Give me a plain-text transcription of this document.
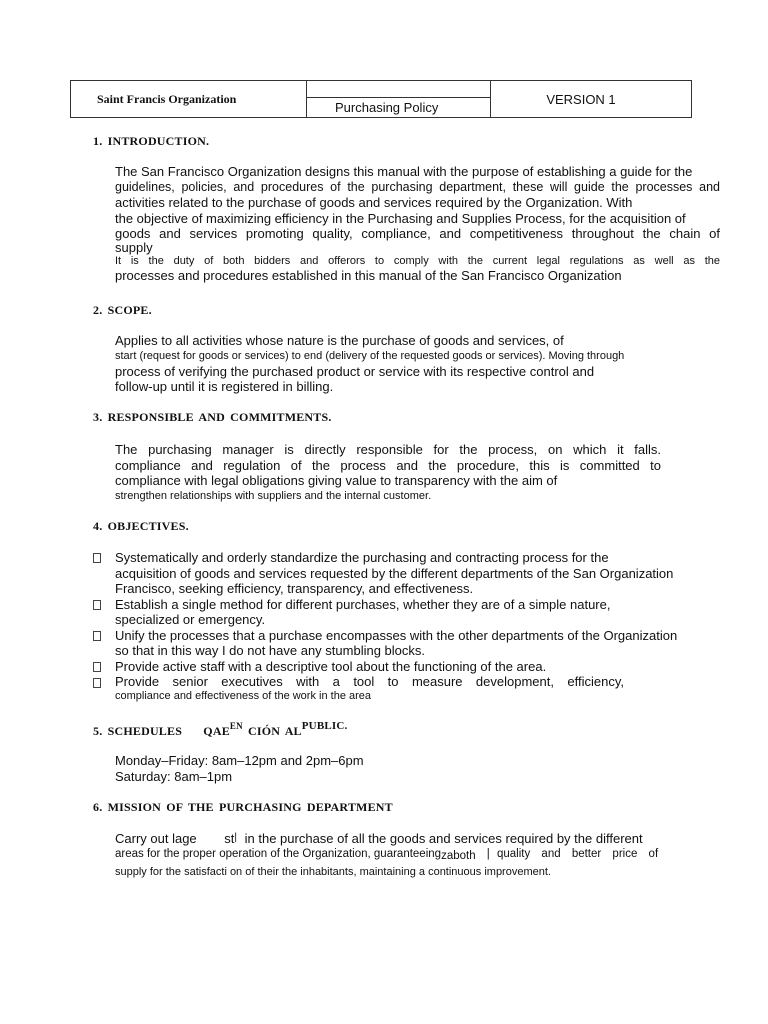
Saint Francis Organization
Purchasing Policy
VERSION 1
1. INTRODUCTION.
The San Francisco Organization designs this manual with the purpose of establishing a guide for the
guidelines, policies, and procedures of the purchasing department, these will guide the processes and
activities related to the purchase of goods and services required by the Organization. With
the objective of maximizing efficiency in the Purchasing and Supplies Process, for the acquisition of
goods and services promoting quality, compliance, and competitiveness throughout the chain of
supply
It is the duty of both bidders and offerors to comply with the current legal regulations as well as the
processes and procedures established in this manual of the San Francisco Organization
2. SCOPE.
Applies to all activities whose nature is the purchase of goods and services, of
start (request for goods or services) to end (delivery of the requested goods or services). Moving through
process of verifying the purchased product or service with its respective control and
follow-up until it is registered in billing.
3. RESPONSIBLE AND COMMITMENTS.
The purchasing manager is directly responsible for the process, on which it falls.
compliance and regulation of the process and the procedure, this is committed to
compliance with legal obligations giving value to transparency with the aim of
strengthen relationships with suppliers and the internal customer.
4. OBJECTIVES.
Systematically and orderly standardize the purchasing and contracting process for the
acquisition of goods and services requested by the different departments of the San Organization
Francisco, seeking efficiency, transparency, and effectiveness.
Establish a single method for different purchases, whether they are of a simple nature,
specialized or emergency.
Unify the processes that a purchase encompasses with the other departments of the Organization
so that in this way I do not have any stumbling blocks.
Provide active staff with a descriptive tool about the functioning of the area.
Provide senior executives with a tool to measure development, efficiency,
compliance and effectiveness of the work in the area
5. SCHEDULES $QAE^{EN}$ CIÓN ALPUBLIC.
Monday–Friday: 8am–12pm and 2pm–6pm
Saturday: 8am–1pm
6. MISSION OF THE PURCHASING DEPARTMENT
Carry out lage st| in the purchase of all the goods and services required by the different
areas for the proper operation of the Organization, guaranteeingzaboth | quality and better price of
supply for the satisfacti on of their the inhabitants, maintaining a continuous improvement.
